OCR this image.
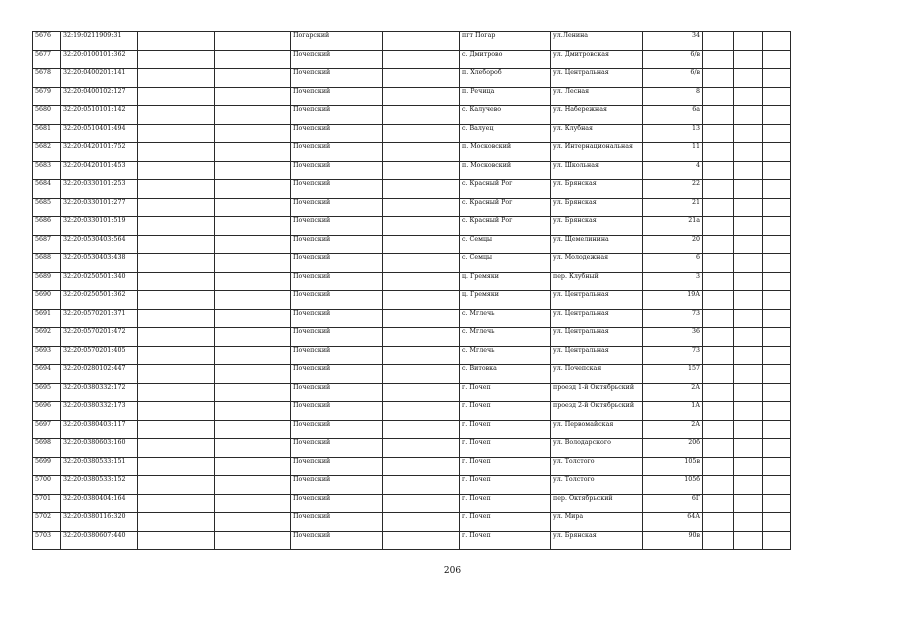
5676	32:19:0211909:31			Погарский		пгт Погар	ул.Ленина	34			
5677	32:20:0100101:362			Почепский		с. Дмитрово	ул. Дмитровская	6/в			
5678	32:20:0400201:141			Почепский		п. Хлебороб	ул. Центральная	6/в			
5679	32:20:0400102:127			Почепский		п. Речица	ул. Лесная	8			
5680	32:20:0510101:142			Почепский		с. Калучево	ул. Набережная	6а			
5681	32:20:0510401:494			Почепский		с. Валуец	ул. Клубная	13			
5682	32:20:0420101:752			Почепский		п. Московский	ул. Интернациональная	11			
5683	32:20:0420101:453			Почепский		п. Московский	ул. Школьная	4			
5684	32:20:0330101:253			Почепский		с. Красный Рог	ул. Брянская	22			
5685	32:20:0330101:277			Почепский		с. Красный Рог	ул. Брянская	21			
5686	32:20:0330101:519			Почепский		с. Красный Рог	ул. Брянская	21а			
5687	32:20:0530403:564			Почепский		с. Семцы	ул. Щемелинина	20			
5688	32:20:0530403:438			Почепский		с. Семцы	ул. Молодежная	6			
5689	32:20:0250501:340			Почепский		ц. Гремяки	пер. Клубный	3			
5690	32:20:0250501:362			Почепский		ц. Гремяки	ул. Центральная	19А			
5691	32:20:0570201:371			Почепский		с. Мглечь	ул. Центральная	73			
5692	32:20:0570201:472			Почепский		с. Мглечь	ул. Центральная	36			
5693	32:20:0570201:405			Почепский		с. Мглечь	ул. Центральная	73			
5694	32:20:0280102:447			Почепский		с. Витовка	ул. Почепская	157			
5695	32:20:0380332:172			Почепский		г. Почеп	проезд 1-й Октябрьский	2А			
5696	32:20:0380332:173			Почепский		г. Почеп	проезд 2-й Октябрьский	1А			
5697	32:20:0380403:117			Почепский		г. Почеп	ул. Первомайская	2А			
5698	32:20:0380603:160			Почепский		г. Почеп	ул. Володарского	20б			
5699	32:20:0380533:151			Почепский		г. Почеп	ул. Толстого	105в			
5700	32:20:0380533:152			Почепский		г. Почеп	ул. Толстого	105б			
5701	32:20:0380404:164			Почепский		г. Почеп	пер. Октябрьский	6Г			
5702	32:20:0380116:320			Почепский		г. Почеп	ул. Мира	64А			
5703	32:20:0380607:440			Почепский		г. Почеп	ул. Брянская	90в			
206
